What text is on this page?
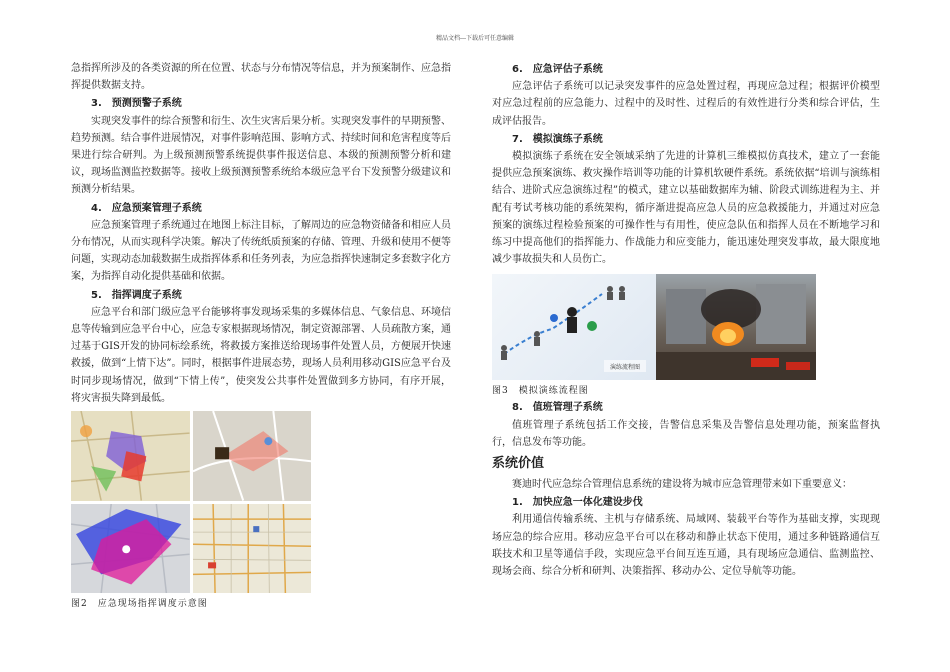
精品文档---下载后可任意编辑

急指挥所涉及的各类资源的所在位置、状态与分布情况等信息，并为预案制作、应急指挥提供数据支持。

3.　预测预警子系统

实现突发事件的综合预警和衍生、次生灾害后果分析。实现突发事件的早期预警、趋势预测。结合事件进展情况，对事件影响范围、影响方式、持续时间和危害程度等后果进行综合研判。为上级预测预警系统提供事件报送信息、本级的预测预警分析和建议，现场监测监控数据等。接收上级预测预警系统给本级应急平台下发预警分级建议和预测分析结果。

4.　应急预案管理子系统

应急预案管理子系统通过在地图上标注目标，了解周边的应急物资储备和相应人员分布情况，从而实现科学决策。解决了传统纸质预案的存储、管理、升级和使用不便等问题，实现动态加载数据生成指挥体系和任务列表，为应急指挥快速制定多套数字化方案，为指挥自动化提供基础和依据。

5.　指挥调度子系统

应急平台和部门级应急平台能够将事发现场采集的多媒体信息、气象信息、环境信息等传输到应急平台中心，应急专家根据现场情况，制定资源部署、人员疏散方案，通过基于GIS开发的协同标绘系统，将救援方案推送给现场事件处置人员，方便展开快速救援，做到“上情下达”。同时，根据事件进展态势，现场人员利用移动GIS应急平台及时同步现场情况，做到“下情上传”，使突发公共事件处置做到多方协同，有序开展，将灾害损失降到最低。

图2　应急现场指挥调度示意图
6.　应急评估子系统

应急评估子系统可以记录突发事件的应急处置过程，再现应急过程；根据评价模型对应急过程前的应急能力、过程中的及时性、过程后的有效性进行分类和综合评估，生成评估报告。

7.　模拟演练子系统

模拟演练子系统在安全领域采纳了先进的计算机三维模拟仿真技术，建立了一套能提供应急预案演练、救灾操作培训等功能的计算机软硬件系统。系统依据“培训与演练相结合、进阶式应急演练过程”的模式，建立以基础数据库为辅、阶段式训练进程为主、并配有考试考核功能的系统架构，循序渐进提高应急人员的应急救援能力，并通过对应急预案的演练过程检验预案的可操作性与有用性，使应急队伍和指挥人员在不断地学习和练习中提高他们的指挥能力、作战能力和应变能力，能迅速处理突发事故，最大限度地减少事故损失和人员伤亡。

演练流程图
图3　模拟演练流程图
8.　值班管理子系统

值班管理子系统包括工作交接，告警信息采集及告警信息处理功能，预案监督执行，信息发布等功能。

系统价值

赛迪时代应急综合管理信息系统的建设将为城市应急管理带来如下重要意义：

1.　加快应急一体化建设步伐

利用通信传输系统、主机与存储系统、局域网、装载平台等作为基础支撑，实现现场应急的综合应用。移动应急平台可以在移动和静止状态下使用，通过多种链路通信互联技术和卫星等通信手段，实现应急平台间互连互通，具有现场应急通信、监测监控、现场会商、综合分析和研判、决策指挥、移动办公、定位导航等功能。
